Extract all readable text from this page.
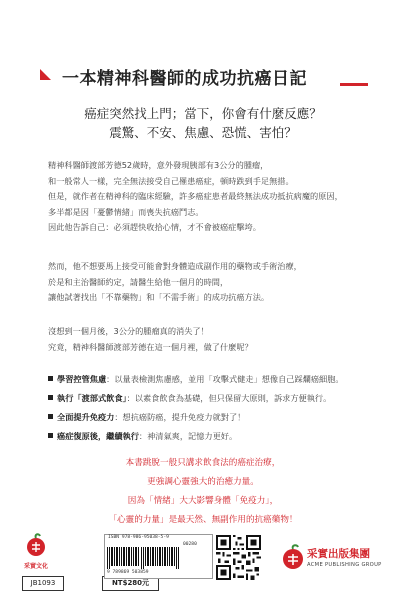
一本精神科醫師的成功抗癌日記
癌症突然找上門；當下，你會有什麼反應？
震驚、不安、焦慮、恐慌、害怕？
精神科醫師渡部芳德52歲時，意外發現胰部有3公分的腫瘤，
和一般常人一樣，完全無法接受自己罹患癌症，頓時跌到手足無措。
但是，就作者在精神科的臨床經驗，許多癌症患者最終無法成功抵抗病魔的原因，
多半都是因「憂鬱情緒」而喪失抗癌鬥志。
因此他告訴自己：必須趕快收拾心情，才不會被癌症擊垮。
然而，他不想要馬上接受可能會對身體造成副作用的藥物或手術治療，
於是和主治醫師約定，請醫生給他一個月的時間，
讓他試著找出「不靠藥物」和「不需手術」的成功抗癌方法。
沒想到一個月後，3公分的腫瘤真的消失了！
究竟，精神科醫師渡部芳德在這一個月裡，做了什麼呢？
學習控管焦慮：以量表檢測焦慮感，並用「攻擊式健走」想像自己踩爛癌細胞。
執行「渡部式飲食」：以素食飲食為基礎，但只保留大原則，訴求方便執行。
全面提升免疫力：想抗癌防癌，提升免疫力就對了！
癌症復原後，繼續執行：神清氣爽，記憶力更好。
本書跳脫一般只講求飲食法的癌症治療，
更強調心靈強大的治癒力量。
因為「情緒」大大影響身體「免疫力」，
「心靈的力量」是最天然、無副作用的抗癌藥物！
采實文化
JB1093	NT$280元
ISBN 978-986-95038-5-9
00280
9 789869 503859
采實出版集團
ACME PUBLISHING GROUP
